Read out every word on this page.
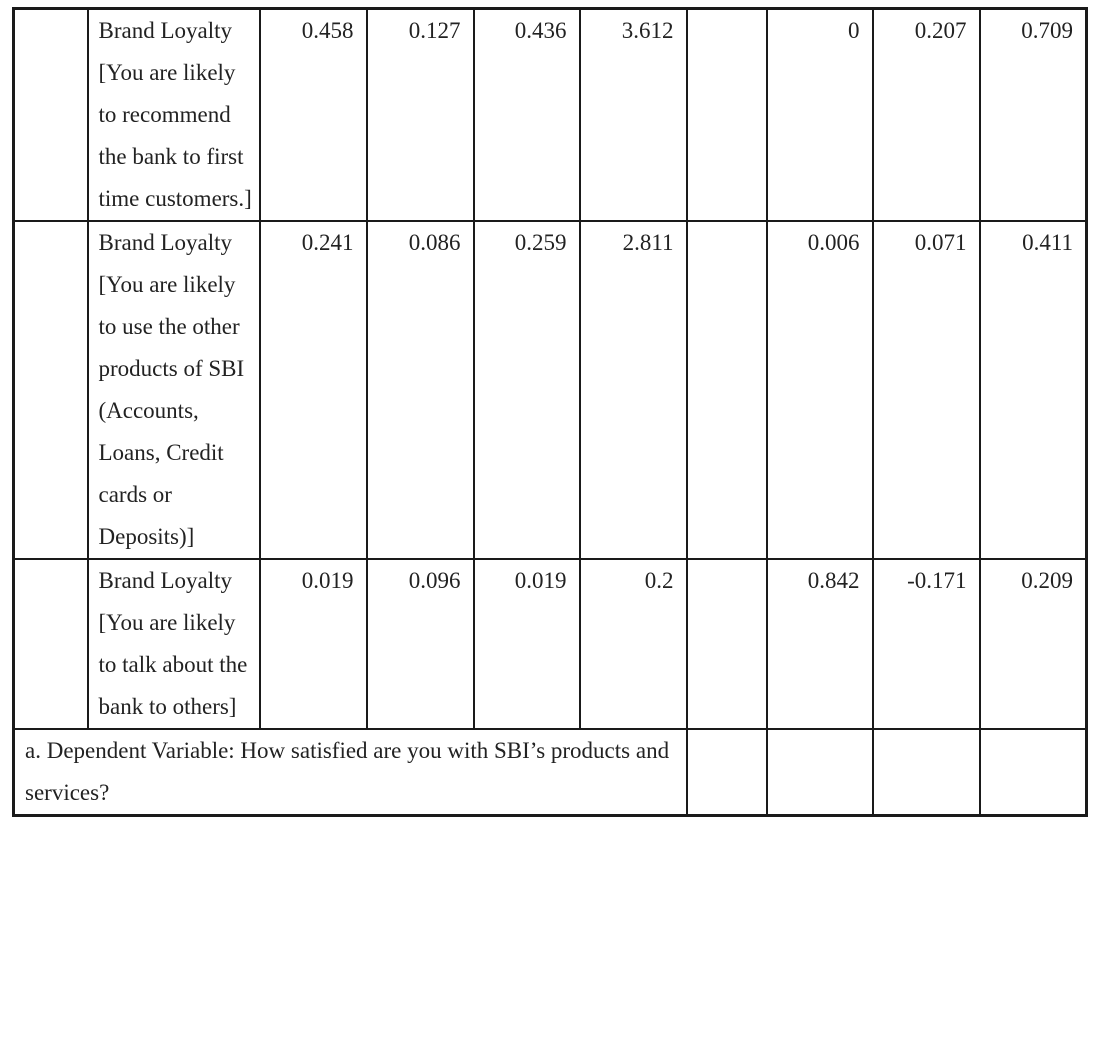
	Brand Loyalty [You are likely to recommend the bank to first time customers.]	0.458	0.127	0.436	3.612		0	0.207	0.709
	Brand Loyalty [You are likely to use the other products of SBI (Accounts, Loans, Credit cards or Deposits)]	0.241	0.086	0.259	2.811		0.006	0.071	0.411
	Brand Loyalty [You are likely to talk about the bank to others]	0.019	0.096	0.019	0.2		0.842	-0.171	0.209
a. Dependent Variable: How satisfied are you with SBI’s products and services?									
